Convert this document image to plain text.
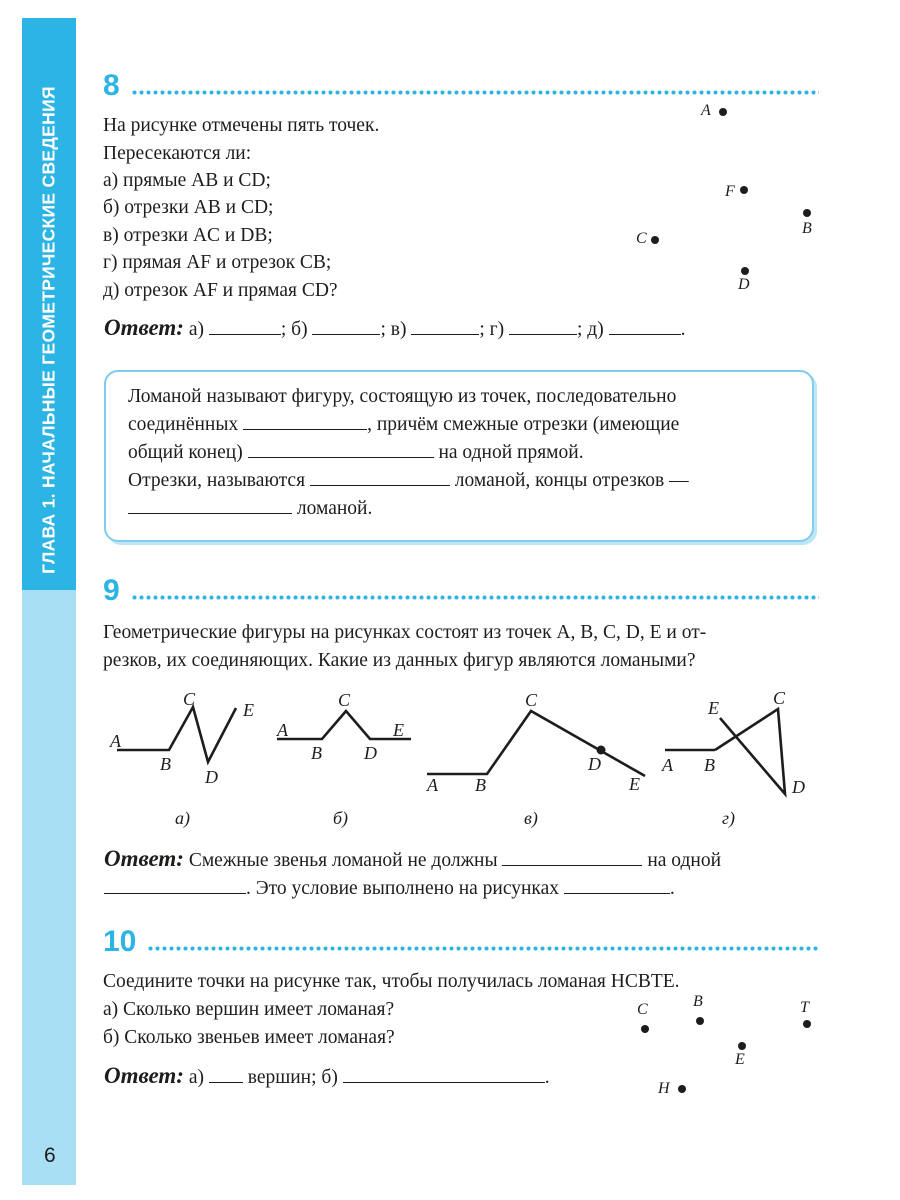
ГЛАВА 1. НАЧАЛЬНЫЕ ГЕОМЕТРИЧЕСКИЕ СВЕДЕНИЯ
6
8
На рисунке отмечены пять точек.
Пересекаются ли:
а) прямые AB и CD;
б) отрезки AB и CD;
в) отрезки AC и DB;
г) прямая AF и отрезок CB;
д) отрезок AF и прямая CD?
A
F
B
C
D
Ответ: а)	; б)	; в)	; г)	; д)	.
Ломаной называют фигуру, состоящую из точек, последовательно
соединённых	, причём смежные отрезки (имеющие
общий конец)	на одной прямой.
Отрезки, называются	ломаной, концы отрезков —
ломаной.
9
Геометрические фигуры на рисунках состоят из точек A, B, C, D, E и от-
резков, их соединяющих. Какие из данных фигур являются ломаными?
A
B
C
D
E
A
B
C
D
E
A B
C
D
E
E	C
A B
D
а)	б)	в)	г)
Ответ: Смежные звенья ломаной не должны	на одной
. Это условие выполнено на рисунках	.
10
Соедините точки на рисунке так, чтобы получилась ломаная HCBTE.
а) Сколько вершин имеет ломаная?
б) Сколько звеньев имеет ломаная?
C	B	T
E
H
Ответ: а) вершин; б)	.
